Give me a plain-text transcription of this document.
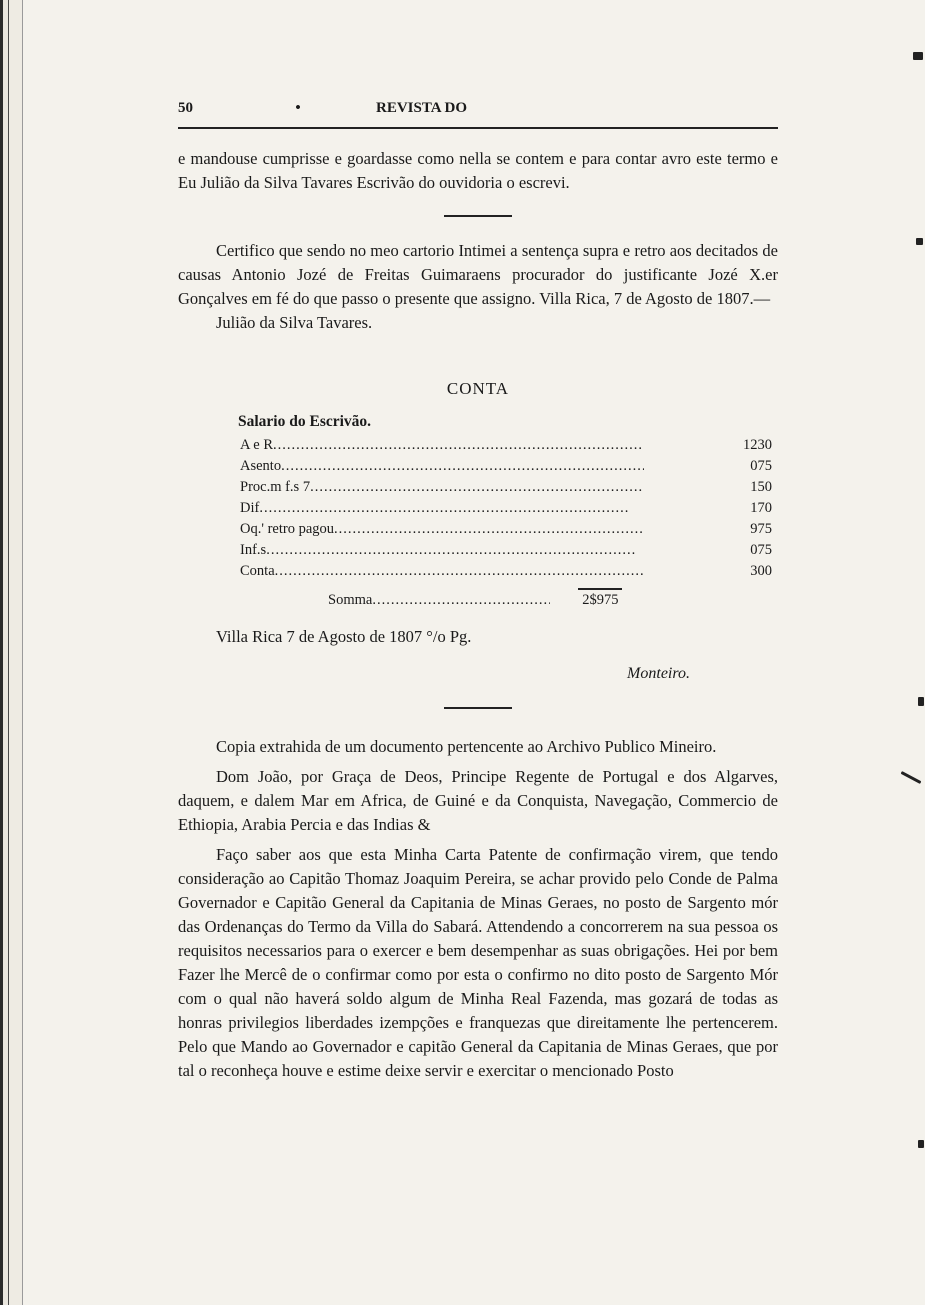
50	•	REVISTA DO

e mandouse cumprisse e goardasse como nella se contem e para contar avro este termo e Eu Julião da Silva Tavares Escrivão do ouvidoria o escrevi.

Certifico que sendo no meo cartorio Intimei a sentença supra e retro aos decitados de causas Antonio Jozé de Freitas Guimaraens procurador do justificante Jozé X.er Gonçalves em fé do que passo o presente que assigno. Villa Rica, 7 de Agosto de 1807.—

Julião da Silva Tavares.

CONTA
Salario do Escrivão.
A e R .....	1230
Asento .....	075
Proc.m f.s 7 .....	150
Dif .....	170
Oq.' retro pagou .....	975
Inf.s .....	075
Conta .....	300
Somma .....	2$975

Villa Rica 7 de Agosto de 1807 °/o Pg.

Monteiro.

Copia extrahida de um documento pertencente ao Archivo Publico Mineiro.

Dom João, por Graça de Deos, Principe Regente de Portugal e dos Algarves, daquem, e dalem Mar em Africa, de Guiné e da Conquista, Navegação, Commercio de Ethiopia, Arabia Percia e das Indias &

Faço saber aos que esta Minha Carta Patente de confirmação virem, que tendo consideração ao Capitão Thomaz Joaquim Pereira, se achar provido pelo Conde de Palma Governador e Capitão General da Capitania de Minas Geraes, no posto de Sargento mór das Ordenanças do Termo da Villa do Sabará. Attendendo a concorrerem na sua pessoa os requisitos necessarios para o exercer e bem desempenhar as suas obrigações. Hei por bem Fazer lhe Mercê de o confirmar como por esta o confirmo no dito posto de Sargento Mór com o qual não haverá soldo algum de Minha Real Fazenda, mas gozará de todas as honras privilegios liberdades izempções e franquezas que direitamente lhe pertencerem. Pelo que Mando ao Governador e capitão General da Capitania de Minas Geraes, que por tal o reconheça houve e estime deixe servir e exercitar o mencionado Posto
